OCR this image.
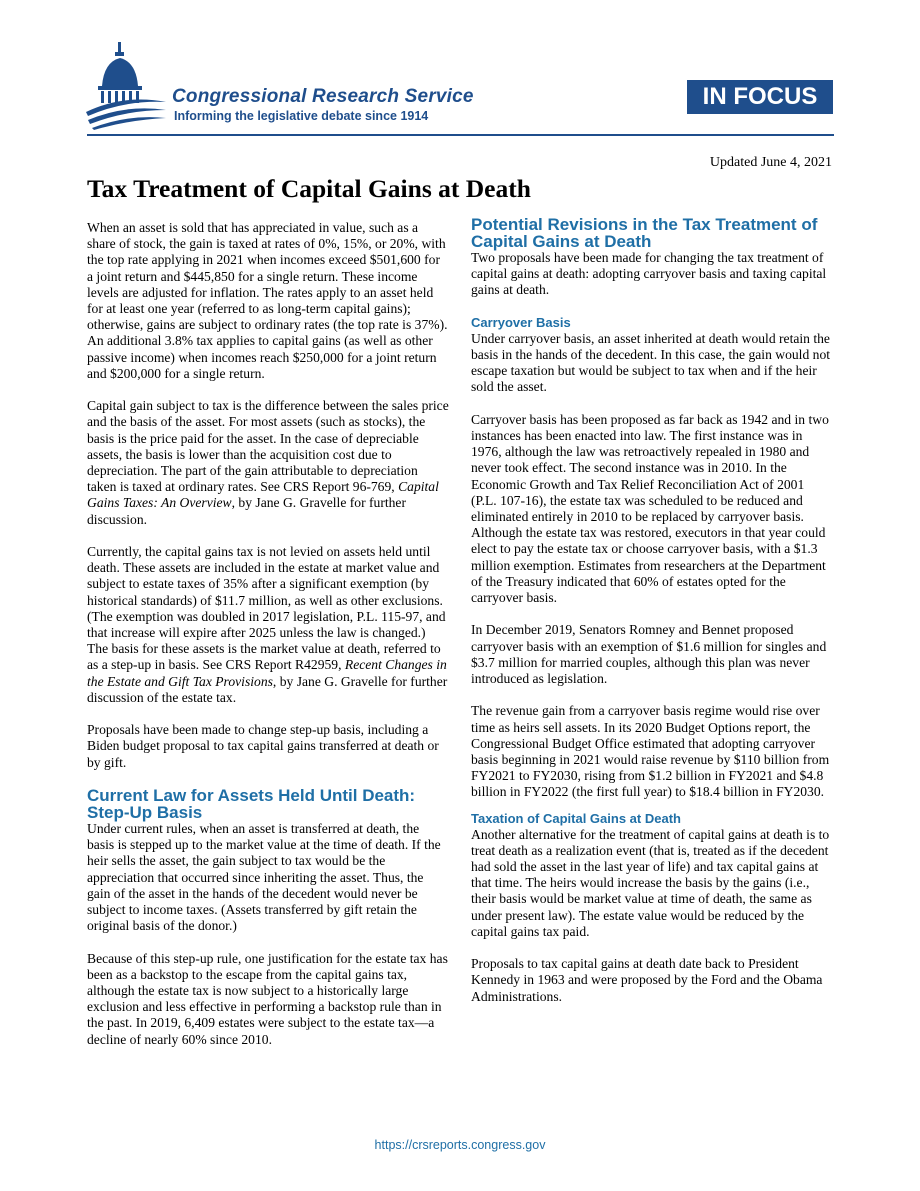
Congressional Research Service
Informing the legislative debate since 1914
IN FOCUS
Updated June 4, 2021
Tax Treatment of Capital Gains at Death

When an asset is sold that has appreciated in value, such as a share of stock, the gain is taxed at rates of 0%, 15%, or 20%, with the top rate applying in 2021 when incomes exceed $501,600 for a joint return and $445,850 for a single return. These income levels are adjusted for inflation. The rates apply to an asset held for at least one year (referred to as long-term capital gains); otherwise, gains are subject to ordinary rates (the top rate is 37%). An additional 3.8% tax applies to capital gains (as well as other passive income) when incomes reach $250,000 for a joint return and $200,000 for a single return.

Capital gain subject to tax is the difference between the sales price and the basis of the asset. For most assets (such as stocks), the basis is the price paid for the asset. In the case of depreciable assets, the basis is lower than the acquisition cost due to depreciation. The part of the gain attributable to depreciation taken is taxed at ordinary rates. See CRS Report 96-769, Capital Gains Taxes: An Overview, by Jane G. Gravelle for further discussion.

Currently, the capital gains tax is not levied on assets held until death. These assets are included in the estate at market value and subject to estate taxes of 35% after a significant exemption (by historical standards) of $11.7 million, as well as other exclusions. (The exemption was doubled in 2017 legislation, P.L. 115-97, and that increase will expire after 2025 unless the law is changed.) The basis for these assets is the market value at death, referred to as a step-up in basis. See CRS Report R42959, Recent Changes in the Estate and Gift Tax Provisions, by Jane G. Gravelle for further discussion of the estate tax.

Proposals have been made to change step-up basis, including a Biden budget proposal to tax capital gains transferred at death or by gift.

Current Law for Assets Held Until Death: Step-Up Basis

Under current rules, when an asset is transferred at death, the basis is stepped up to the market value at the time of death. If the heir sells the asset, the gain subject to tax would be the appreciation that occurred since inheriting the asset. Thus, the gain of the asset in the hands of the decedent would never be subject to income taxes. (Assets transferred by gift retain the original basis of the donor.)

Because of this step-up rule, one justification for the estate tax has been as a backstop to the escape from the capital gains tax, although the estate tax is now subject to a historically large exclusion and less effective in performing a backstop rule than in the past. In 2019, 6,409 estates were subject to the estate tax—a decline of nearly 60% since 2010.

Potential Revisions in the Tax Treatment of Capital Gains at Death

Two proposals have been made for changing the tax treatment of capital gains at death: adopting carryover basis and taxing capital gains at death.

Carryover Basis

Under carryover basis, an asset inherited at death would retain the basis in the hands of the decedent. In this case, the gain would not escape taxation but would be subject to tax when and if the heir sold the asset.

Carryover basis has been proposed as far back as 1942 and in two instances has been enacted into law. The first instance was in 1976, although the law was retroactively repealed in 1980 and never took effect. The second instance was in 2010. In the Economic Growth and Tax Relief Reconciliation Act of 2001 (P.L. 107-16), the estate tax was scheduled to be reduced and eliminated entirely in 2010 to be replaced by carryover basis. Although the estate tax was restored, executors in that year could elect to pay the estate tax or choose carryover basis, with a $1.3 million exemption. Estimates from researchers at the Department of the Treasury indicated that 60% of estates opted for the carryover basis.

In December 2019, Senators Romney and Bennet proposed carryover basis with an exemption of $1.6 million for singles and $3.7 million for married couples, although this plan was never introduced as legislation.

The revenue gain from a carryover basis regime would rise over time as heirs sell assets. In its 2020 Budget Options report, the Congressional Budget Office estimated that adopting carryover basis beginning in 2021 would raise revenue by $110 billion from FY2021 to FY2030, rising from $1.2 billion in FY2021 and $4.8 billion in FY2022 (the first full year) to $18.4 billion in FY2030.

Taxation of Capital Gains at Death

Another alternative for the treatment of capital gains at death is to treat death as a realization event (that is, treated as if the decedent had sold the asset in the last year of life) and tax capital gains at that time. The heirs would increase the basis by the gains (i.e., their basis would be market value at time of death, the same as under present law). The estate value would be reduced by the capital gains tax paid.

Proposals to tax capital gains at death date back to President Kennedy in 1963 and were proposed by the Ford and the Obama Administrations.

https://crsreports.congress.gov
